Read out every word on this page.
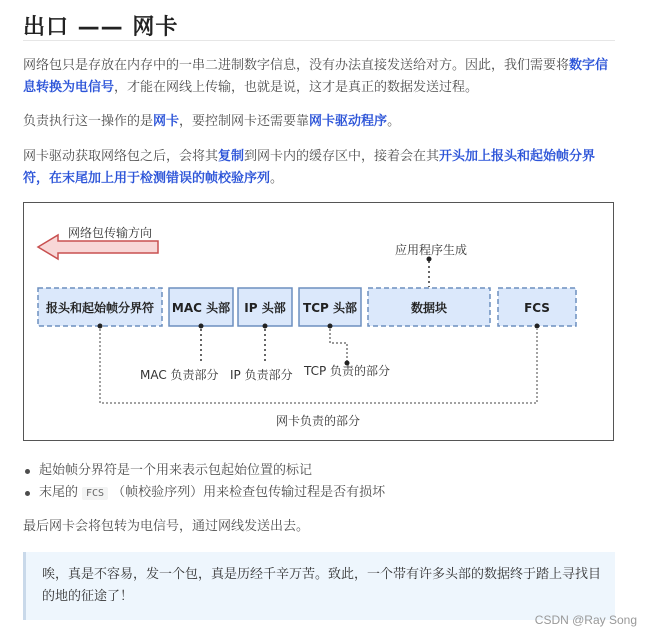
出口 —— 网卡

网络包只是存放在内存中的一串二进制数字信息，没有办法直接发送给对方。因此，我们需要将数字信息转换为电信号，才能在网线上传输，也就是说，这才是真正的数据发送过程。

负责执行这一操作的是网卡，要控制网卡还需要靠网卡驱动程序。

网卡驱动获取网络包之后，会将其复制到网卡内的缓存区中，接着会在其开头加上报头和起始帧分界符，在末尾加上用于检测错误的帧校验序列。

网络包传输方向
应用程序生成
报头和起始帧分界符 MAC 头部 IP 头部 TCP 头部	数据块	FCS
MAC 负责部分 IP 负责部分 TCP 负责的部分
网卡负责的部分
起始帧分界符是一个用来表示包起始位置的标记
末尾的 FCS （帧校验序列）用来检查包传输过程是否有损坏

最后网卡会将包转为电信号，通过网线发送出去。

唉，真是不容易，发一个包，真是历经千辛万苦。致此，一个带有许多头部的数据终于踏上寻找目的地的征途了！
CSDN @Ray Song
